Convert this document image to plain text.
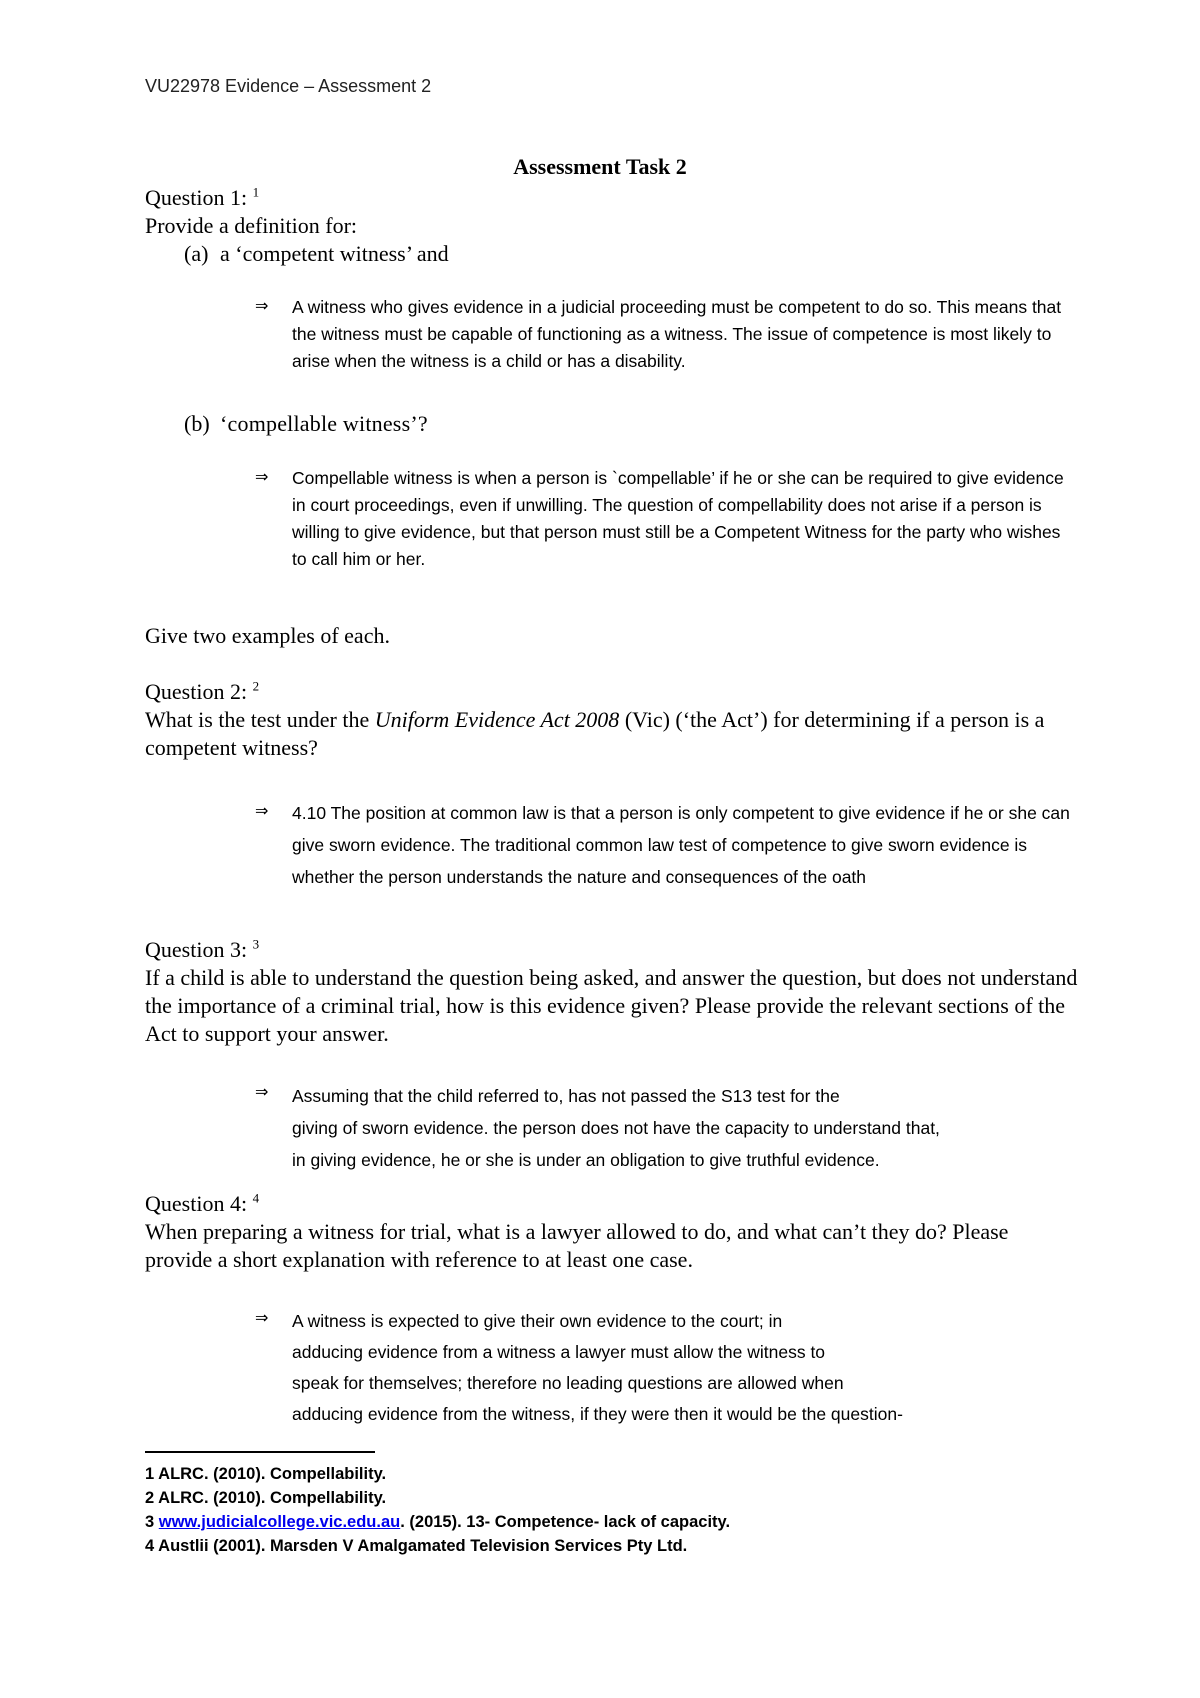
VU22978 Evidence – Assessment 2
Assessment Task 2
Question 1: $^1$
Provide a definition for:
(a) a ‘competent witness’ and
⇒ A witness who gives evidence in a judicial proceeding must be competent to do so. This means that the witness must be capable of functioning as a witness. The issue of competence is most likely to arise when the witness is a child or has a disability.
(b) ‘compellable witness’?
⇒ Compellable witness is when a person is `compellable’ if he or she can be required to give evidence in court proceedings, even if unwilling. The question of compellability does not arise if a person is willing to give evidence, but that person must still be a Competent Witness for the party who wishes to call him or her.
Give two examples of each.
Question 2: $^2$
What is the test under the Uniform Evidence Act 2008 (Vic) (‘the Act’) for determining if a person is a competent witness?
⇒ 4.10 The position at common law is that a person is only competent to give evidence if he or she can give sworn evidence. The traditional common law test of competence to give sworn evidence is whether the person understands the nature and consequences of the oath
Question 3: $^3$
If a child is able to understand the question being asked, and answer the question, but does not understand the importance of a criminal trial, how is this evidence given? Please provide the relevant sections of the Act to support your answer.
⇒ Assuming that the child referred to, has not passed the S13 test for the
giving of sworn evidence. the person does not have the capacity to understand that,
in giving evidence, he or she is under an obligation to give truthful evidence.
Question 4: $^4$
When preparing a witness for trial, what is a lawyer allowed to do, and what can’t they do? Please provide a short explanation with reference to at least one case.
⇒ A witness is expected to give their own evidence to the court; in
adducing evidence from a witness a lawyer must allow the witness to
speak for themselves; therefore no leading questions are allowed when
adducing evidence from the witness, if they were then it would be the question-
1 ALRC. (2010). Compellability.
2 ALRC. (2010). Compellability.
3 www.judicialcollege.vic.edu.au. (2015). 13- Competence- lack of capacity.
4 Austlii (2001). Marsden V Amalgamated Television Services Pty Ltd.
